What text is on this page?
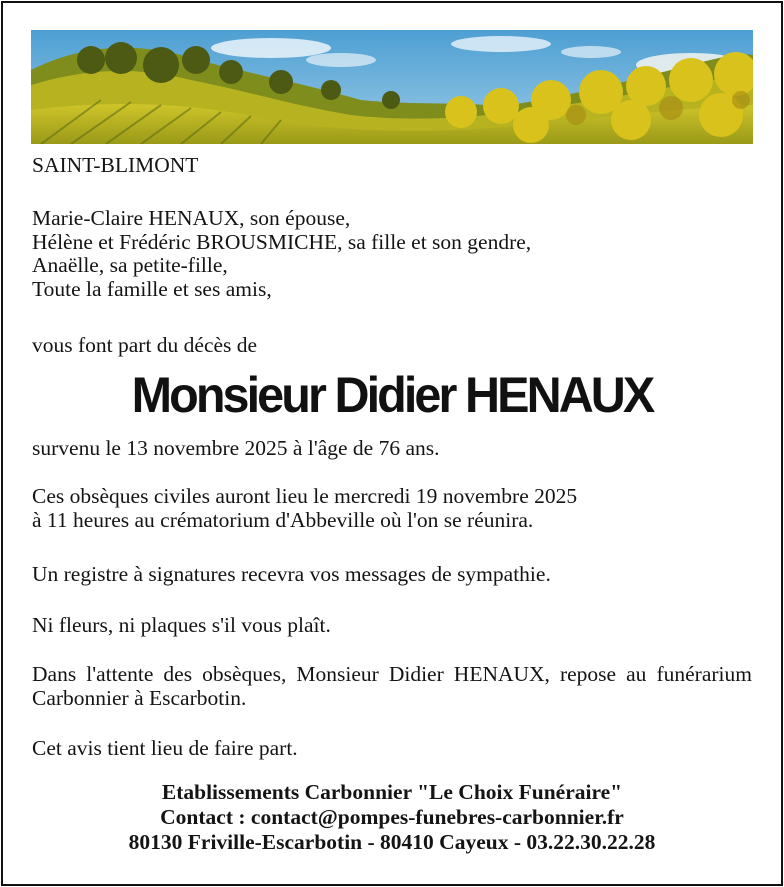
SAINT-BLIMONT
Marie-Claire HENAUX, son épouse,
Hélène et Frédéric BROUSMICHE, sa fille et son gendre,
Anaëlle, sa petite-fille,
Toute la famille et ses amis,
vous font part du décès de
Monsieur Didier HENAUX
survenu le 13 novembre 2025 à l'âge de 76 ans.
Ces obsèques civiles auront lieu le mercredi 19 novembre 2025
à 11 heures au crématorium d'Abbeville où l'on se réunira.
Un registre à signatures recevra vos messages de sympathie.
Ni fleurs, ni plaques s'il vous plaît.
Dans l'attente des obsèques, Monsieur Didier HENAUX, repose au funérarium Carbonnier à Escarbotin.
Cet avis tient lieu de faire part.
Etablissements Carbonnier "Le Choix Funéraire"
Contact : contact@pompes-funebres-carbonnier.fr
80130 Friville-Escarbotin - 80410 Cayeux - 03.22.30.22.28
